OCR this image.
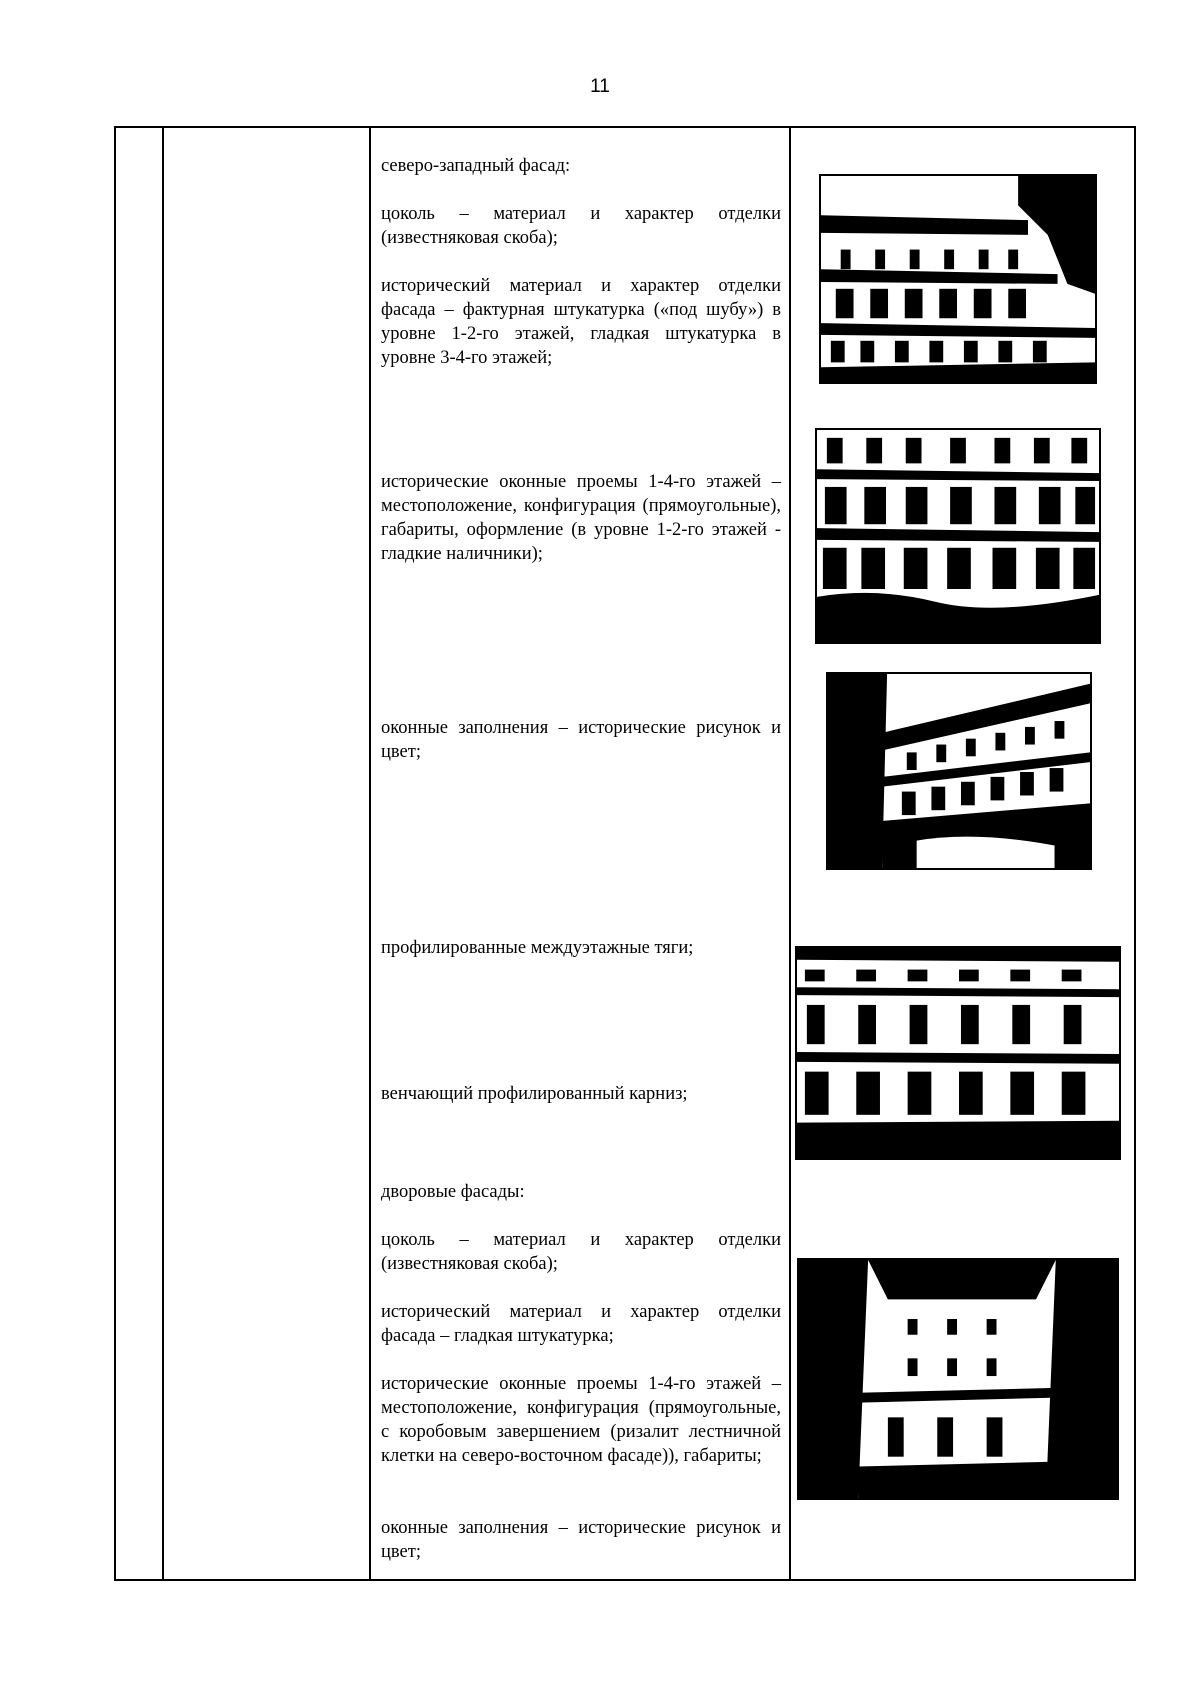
11

северо-западный фасад:

цоколь – материал и характер отделки (известняковая скоба);

исторический материал и характер отделки фасада – фактурная штукатурка («под шубу») в уровне 1-2-го этажей, гладкая штукатурка в уровне 3-4-го этажей;

исторические оконные проемы 1-4-го этажей – местоположение, конфигурация (прямоугольные), габариты, оформление (в уровне 1-2-го этажей - гладкие наличники);

оконные заполнения – исторические рисунок и цвет;

профилированные междуэтажные тяги;

венчающий профилированный карниз;

дворовые фасады:

цоколь – материал и характер отделки (известняковая скоба);

исторический материал и характер отделки фасада – гладкая штукатурка;

исторические оконные проемы 1-4-го этажей – местоположение, конфигурация (прямоугольные, с коробовым завершением (ризалит лестничной клетки на северо-восточном фасаде)), габариты;

оконные заполнения – исторические рисунок и цвет;
